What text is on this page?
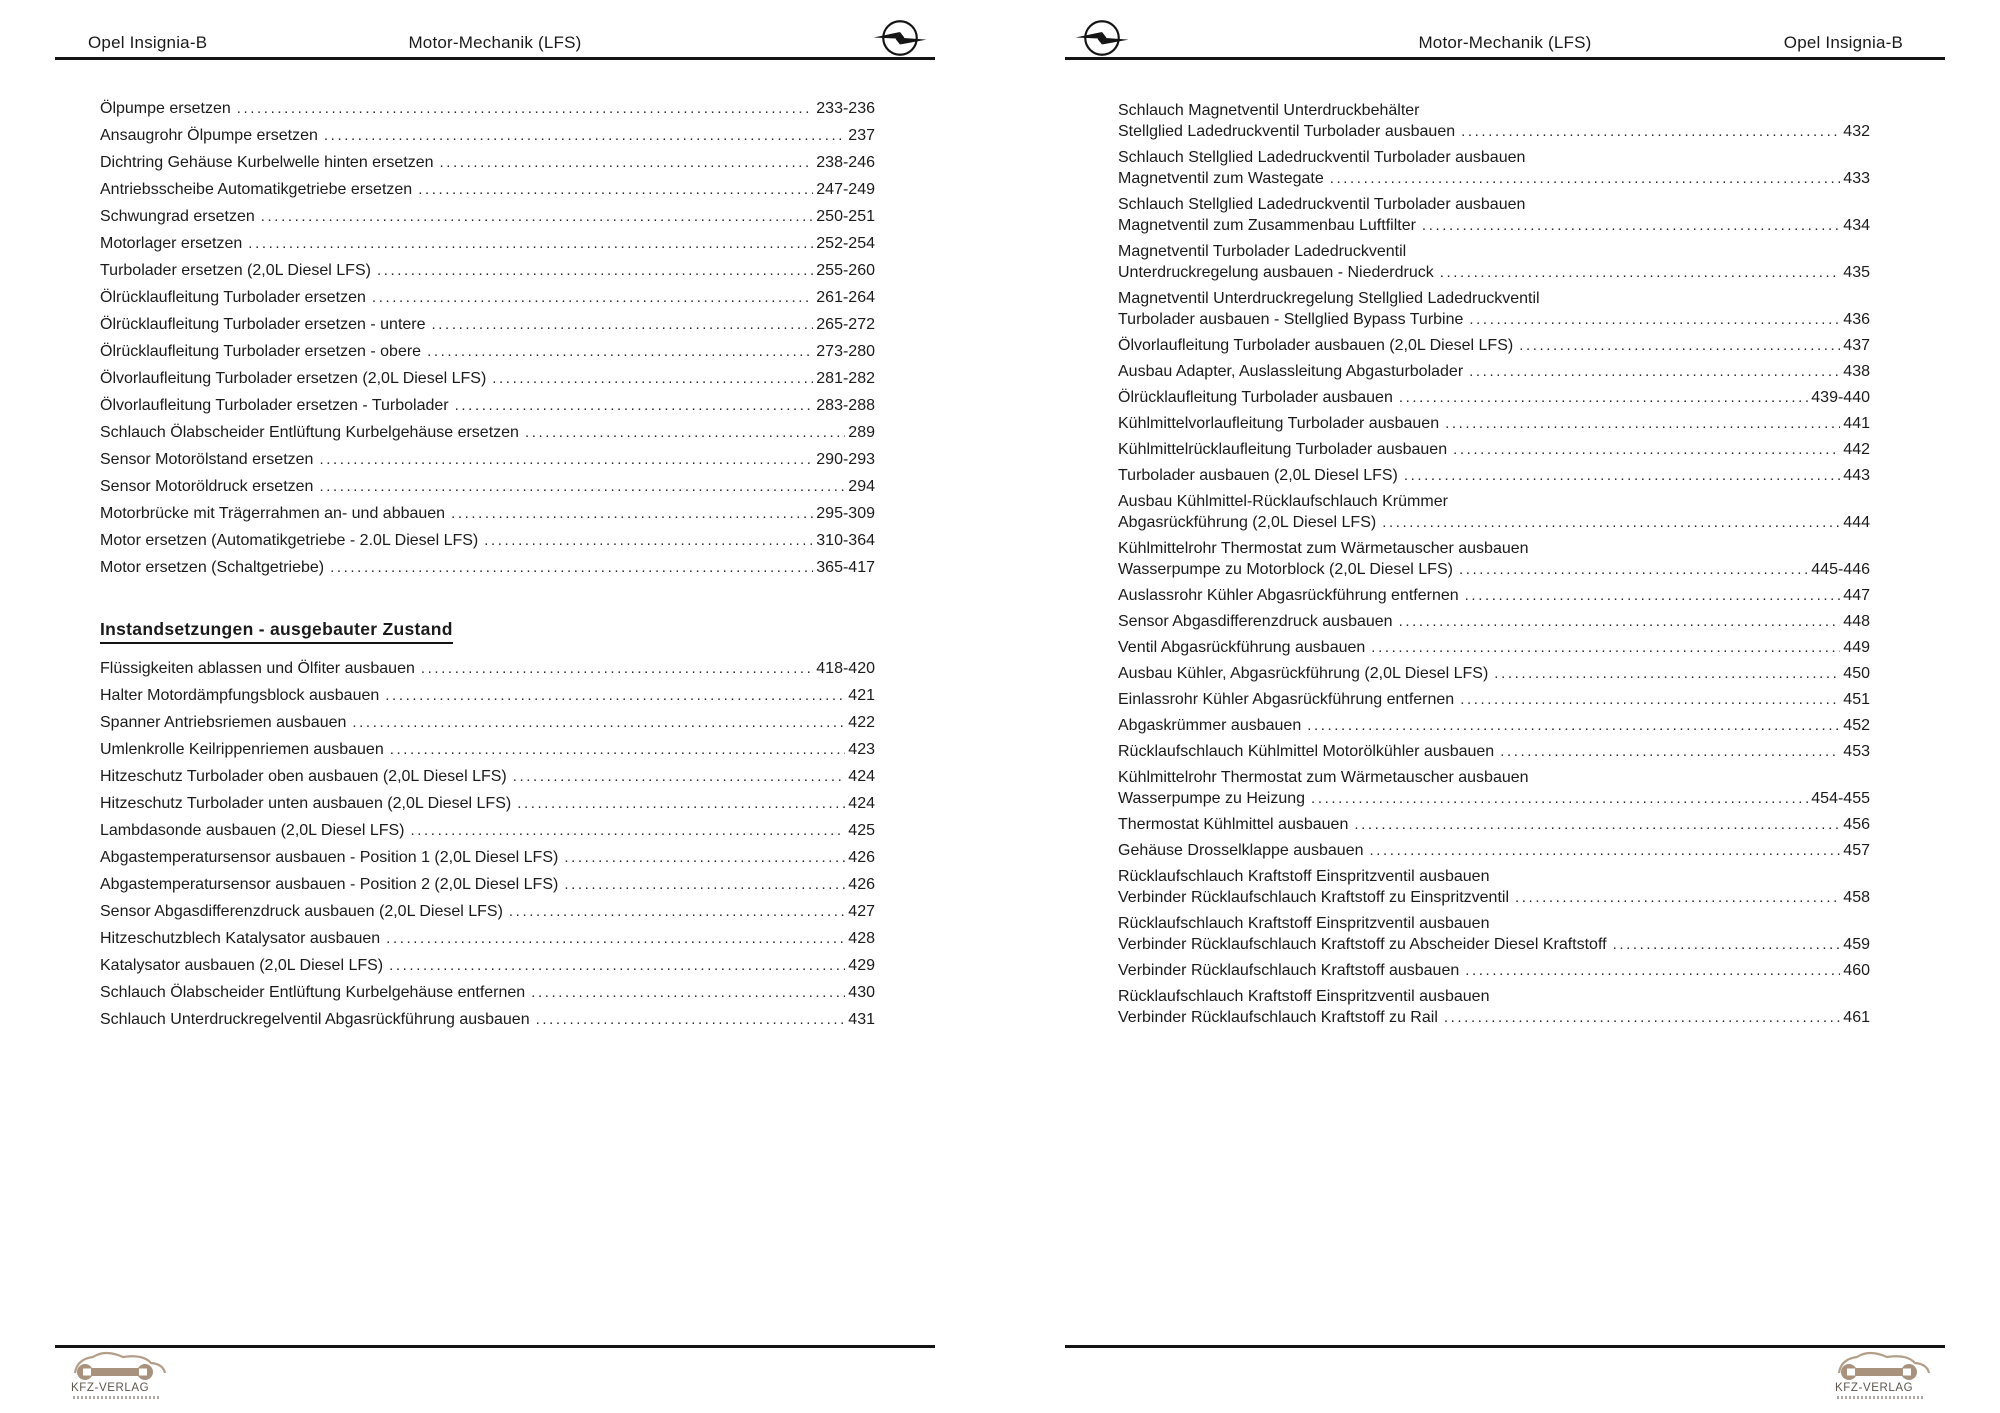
Opel Insignia-B	Motor-Mechanik (LFS)
Ölpumpe ersetzen .....	233-236
Ansaugrohr Ölpumpe ersetzen .....	237
Dichtring Gehäuse Kurbelwelle hinten ersetzen .....	238-246
Antriebsscheibe Automatikgetriebe ersetzen .....	247-249
Schwungrad ersetzen .....	250-251
Motorlager ersetzen .....	252-254
Turbolader ersetzen (2,0L Diesel LFS) .....	255-260
Ölrücklaufleitung Turbolader ersetzen .....	261-264
Ölrücklaufleitung Turbolader ersetzen - untere .....	265-272
Ölrücklaufleitung Turbolader ersetzen - obere .....	273-280
Ölvorlaufleitung Turbolader ersetzen (2,0L Diesel LFS) .....	281-282
Ölvorlaufleitung Turbolader ersetzen - Turbolader .....	283-288
Schlauch Ölabscheider Entlüftung Kurbelgehäuse ersetzen .....	289
Sensor Motorölstand ersetzen .....	290-293
Sensor Motoröldruck ersetzen .....	294
Motorbrücke mit Trägerrahmen an- und abbauen .....	295-309
Motor ersetzen (Automatikgetriebe - 2.0L Diesel LFS) .....	310-364
Motor ersetzen (Schaltgetriebe) .....	365-417
Instandsetzungen - ausgebauter Zustand
Flüssigkeiten ablassen und Ölfiter ausbauen .....	418-420
Halter Motordämpfungsblock ausbauen .....	421
Spanner Antriebsriemen ausbauen .....	422
Umlenkrolle Keilrippenriemen ausbauen .....	423
Hitzeschutz Turbolader oben ausbauen (2,0L Diesel LFS) .....	424
Hitzeschutz Turbolader unten ausbauen (2,0L Diesel LFS) .....	424
Lambdasonde ausbauen (2,0L Diesel LFS) .....	425
Abgastemperatursensor ausbauen - Position 1 (2,0L Diesel LFS) .....	426
Abgastemperatursensor ausbauen - Position 2 (2,0L Diesel LFS) .....	426
Sensor Abgasdifferenzdruck ausbauen (2,0L Diesel LFS) .....	427
Hitzeschutzblech Katalysator ausbauen .....	428
Katalysator ausbauen (2,0L Diesel LFS) .....	429
Schlauch Ölabscheider Entlüftung Kurbelgehäuse entfernen .....	430
Schlauch Unterdruckregelventil Abgasrückführung ausbauen .....	431
KFZ-VERLAG
Motor-Mechanik (LFS)	Opel Insignia-B
Schlauch Magnetventil Unterdruckbehälter
Stellglied Ladedruckventil Turbolader ausbauen .....	432
Schlauch Stellglied Ladedruckventil Turbolader ausbauen
Magnetventil zum Wastegate .....	433
Schlauch Stellglied Ladedruckventil Turbolader ausbauen
Magnetventil zum Zusammenbau Luftfilter .....	434
Magnetventil Turbolader Ladedruckventil
Unterdruckregelung ausbauen - Niederdruck .....	435
Magnetventil Unterdruckregelung Stellglied Ladedruckventil
Turbolader ausbauen - Stellglied Bypass Turbine .....	436
Ölvorlaufleitung Turbolader ausbauen (2,0L Diesel LFS) .....	437
Ausbau Adapter, Auslassleitung Abgasturbolader .....	438
Ölrücklaufleitung Turbolader ausbauen .....	439-440
Kühlmittelvorlaufleitung Turbolader ausbauen .....	441
Kühlmittelrücklaufleitung Turbolader ausbauen .....	442
Turbolader ausbauen (2,0L Diesel LFS) .....	443
Ausbau Kühlmittel-Rücklaufschlauch Krümmer
Abgasrückführung (2,0L Diesel LFS) .....	444
Kühlmittelrohr Thermostat zum Wärmetauscher ausbauen
Wasserpumpe zu Motorblock (2,0L Diesel LFS) .....	445-446
Auslassrohr Kühler Abgasrückführung entfernen .....	447
Sensor Abgasdifferenzdruck ausbauen .....	448
Ventil Abgasrückführung ausbauen .....	449
Ausbau Kühler, Abgasrückführung (2,0L Diesel LFS) .....	450
Einlassrohr Kühler Abgasrückführung entfernen .....	451
Abgaskrümmer ausbauen .....	452
Rücklaufschlauch Kühlmittel Motorölkühler ausbauen .....	453
Kühlmittelrohr Thermostat zum Wärmetauscher ausbauen
Wasserpumpe zu Heizung .....	454-455
Thermostat Kühlmittel ausbauen .....	456
Gehäuse Drosselklappe ausbauen .....	457
Rücklaufschlauch Kraftstoff Einspritzventil ausbauen
Verbinder Rücklaufschlauch Kraftstoff zu Einspritzventil .....	458
Rücklaufschlauch Kraftstoff Einspritzventil ausbauen
Verbinder Rücklaufschlauch Kraftstoff zu Abscheider Diesel Kraftstoff .....	459
Verbinder Rücklaufschlauch Kraftstoff ausbauen .....	460
Rücklaufschlauch Kraftstoff Einspritzventil ausbauen
Verbinder Rücklaufschlauch Kraftstoff zu Rail .....	461
KFZ-VERLAG
